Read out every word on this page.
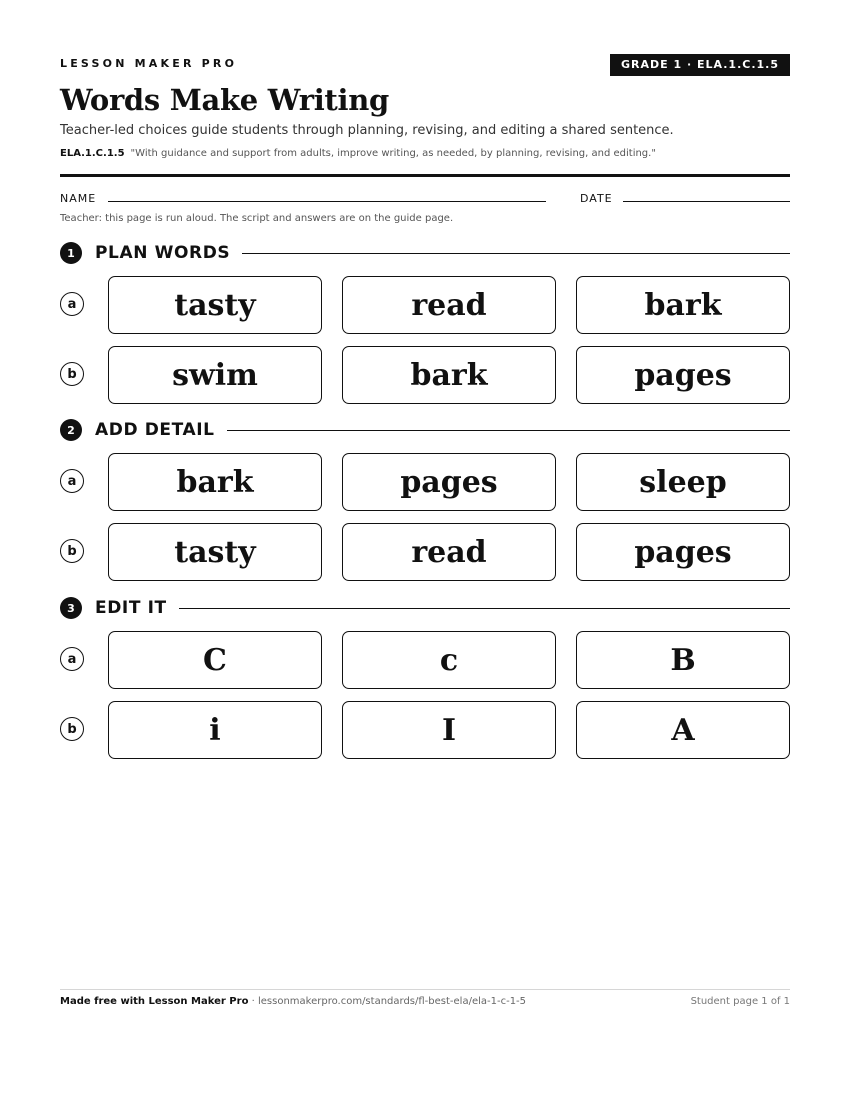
LESSON MAKER PRO	GRADE 1 · ELA.1.C.1.5
Words Make Writing
Teacher-led choices guide students through planning, revising, and editing a shared sentence.
ELA.1.C.1.5 "With guidance and support from adults, improve writing, as needed, by planning, revising, and editing."
NAME	DATE
Teacher: this page is run aloud. The script and answers are on the guide page.
1	PLAN WORDS
a	tasty	read	bark
b	swim	bark	pages
2	ADD DETAIL
a	bark	pages	sleep
b	tasty	read	pages
3	EDIT IT
a	C	c	B
b	i	I	A
Made free with Lesson Maker Pro · lessonmakerpro.com/standards/fl-best-ela/ela-1-c-1-5	Student page 1 of 1
